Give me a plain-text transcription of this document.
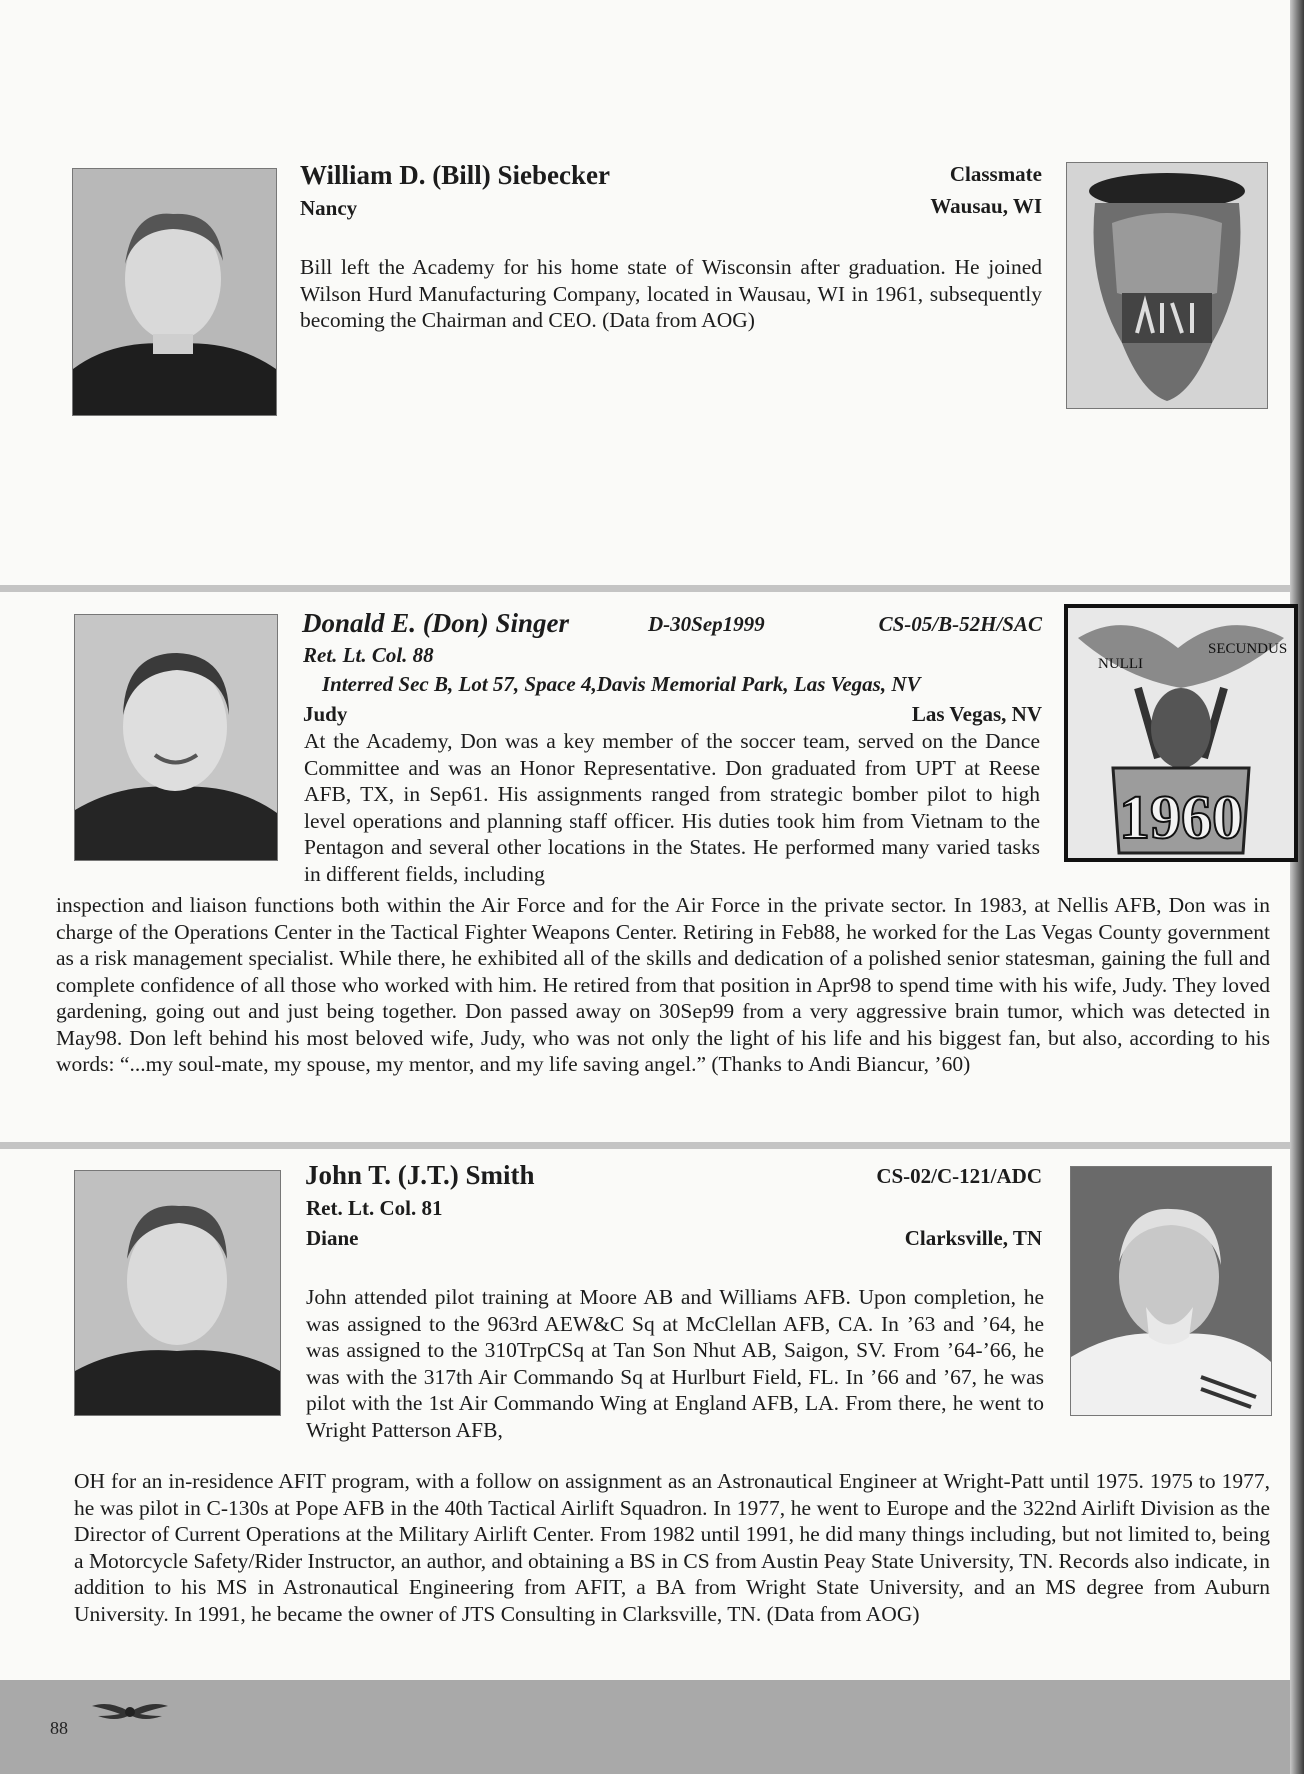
William D. (Bill) Siebecker
Nancy
Classmate
Wausau, WI

Bill left the Academy for his home state of Wisconsin after graduation. He joined Wilson Hurd Manufacturing Company, located in Wausau, WI in 1961, subsequently becoming the Chairman and CEO. (Data from AOG)

Donald E. (Don) Singer	D-30Sep1999	CS-05/B-52H/SAC
Ret. Lt. Col. 88
Interred Sec B, Lot 57, Space 4,Davis Memorial Park, Las Vegas, NV
Judy	Las Vegas, NV

At the Academy, Don was a key member of the soccer team, served on the Dance Committee and was an Honor Representative. Don graduated from UPT at Reese AFB, TX, in Sep61. His assignments ranged from strategic bomber pilot to high level operations and planning staff officer. His duties took him from Vietnam to the Pentagon and several other locations in the States. He performed many varied tasks in different fields, including

inspection and liaison functions both within the Air Force and for the Air Force in the private sector. In 1983, at Nellis AFB, Don was in charge of the Operations Center in the Tactical Fighter Weapons Center. Retiring in Feb88, he worked for the Las Vegas County government as a risk management specialist. While there, he exhibited all of the skills and dedication of a polished senior statesman, gaining the full and complete confidence of all those who worked with him. He retired from that position in Apr98 to spend time with his wife, Judy. They loved gardening, going out and just being together. Don passed away on 30Sep99 from a very aggressive brain tumor, which was detected in May98. Don left behind his most beloved wife, Judy, who was not only the light of his life and his biggest fan, but also, according to his words: “...my soul-mate, my spouse, my mentor, and my life saving angel.” (Thanks to Andi Biancur, ’60)

NULLI
SECUNDUS
1960
John T. (J.T.) Smith	CS-02/C-121/ADC
Ret. Lt. Col. 81
Diane	Clarksville, TN

John attended pilot training at Moore AB and Williams AFB. Upon completion, he was assigned to the 963rd AEW&C Sq at McClellan AFB, CA. In ’63 and ’64, he was assigned to the 310TrpCSq at Tan Son Nhut AB, Saigon, SV. From ’64-’66, he was with the 317th Air Commando Sq at Hurlburt Field, FL. In ’66 and ’67, he was pilot with the 1st Air Commando Wing at England AFB, LA. From there, he went to Wright Patterson AFB,

OH for an in-residence AFIT program, with a follow on assignment as an Astronautical Engineer at Wright-Patt until 1975. 1975 to 1977, he was pilot in C-130s at Pope AFB in the 40th Tactical Airlift Squadron. In 1977, he went to Europe and the 322nd Airlift Division as the Director of Current Operations at the Military Airlift Center. From 1982 until 1991, he did many things including, but not limited to, being a Motorcycle Safety/Rider Instructor, an author, and obtaining a BS in CS from Austin Peay State University, TN. Records also indicate, in addition to his MS in Astronautical Engineering from AFIT, a BA from Wright State University, and an MS degree from Auburn University. In 1991, he became the owner of JTS Consulting in Clarksville, TN. (Data from AOG)

88
